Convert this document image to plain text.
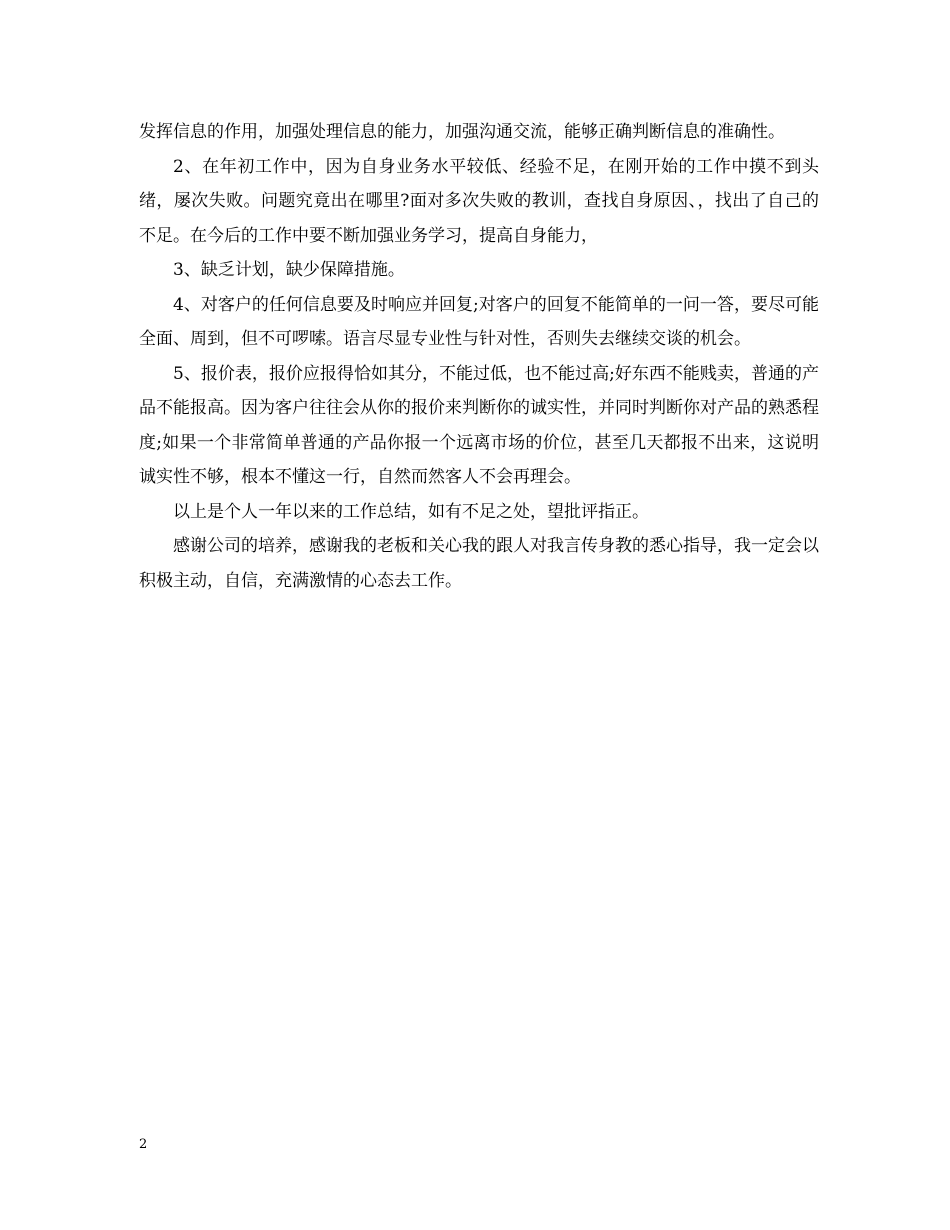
发挥信息的作用，加强处理信息的能力，加强沟通交流，能够正确判断信息的准确性。

2、在年初工作中，因为自身业务水平较低、经验不足，在刚开始的工作中摸不到头绪，屡次失败。问题究竟出在哪里?面对多次失败的教训，查找自身原因、，找出了自己的不足。在今后的工作中要不断加强业务学习，提高自身能力，

3、缺乏计划，缺少保障措施。

4、对客户的任何信息要及时响应并回复;对客户的回复不能简单的一问一答，要尽可能全面、周到，但不可啰嗦。语言尽显专业性与针对性，否则失去继续交谈的机会。

5、报价表，报价应报得恰如其分，不能过低，也不能过高;好东西不能贱卖，普通的产品不能报高。因为客户往往会从你的报价来判断你的诚实性，并同时判断你对产品的熟悉程度;如果一个非常简单普通的产品你报一个远离市场的价位，甚至几天都报不出来，这说明诚实性不够，根本不懂这一行，自然而然客人不会再理会。

以上是个人一年以来的工作总结，如有不足之处，望批评指正。

感谢公司的培养，感谢我的老板和关心我的跟人对我言传身教的悉心指导，我一定会以积极主动，自信，充满激情的心态去工作。

2
